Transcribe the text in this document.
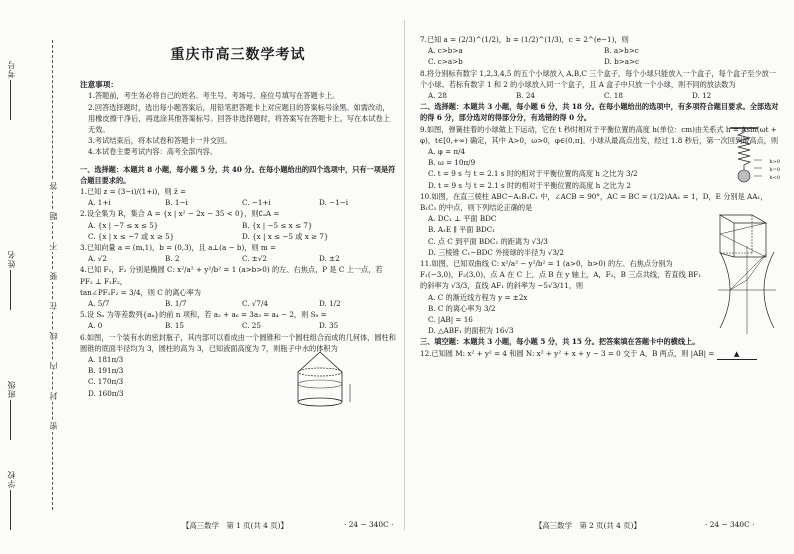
考号
姓名
班级
学校
答
题
不
要
在
线
内
封
密
重庆市高三数学考试

注意事项：

1.答题前，考生务必将自己的姓名、考生号、考场号、座位号填写在答题卡上。

2.回答选择题时，选出每小题答案后，用铅笔把答题卡上对应题目的答案标号涂黑。如需改动，用橡皮擦干净后，再选涂其他答案标号。回答非选择题时，将答案写在答题卡上。写在本试卷上无效。

3.考试结束后，将本试卷和答题卡一并交回。

4.本试卷主要考试内容：高考全部内容。

一、选择题：本题共 8 小题，每小题 5 分，共 40 分。在每小题给出的四个选项中，只有一项是符合题目要求的。

1.已知 z = (3−i)/(1+i)，则 z̄ =

A. 1+i	B. 1−i	C. −1+i	D. −1−i

2.设全集为 R，集合 A = {x | x² − 2x − 35 < 0}，则∁ₐA =

A. {x | −7 ≤ x ≤ 5}	B. {x | −5 ≤ x ≤ 7}
C. {x | x ≤ −7 或 x ≥ 5}	D. {x | x ≤ −5 或 x ≥ 7}

3.已知向量 a = (m,1)，b = (0,3)，且 a⊥(a − b)，则 m =

A. √2	B. 2	C. ±√2	D. ±2

4.已知 F₁，F₂ 分别是椭圆 C: x²/a² + y²/b² = 1 (a>b>0) 的左、右焦点，P 是 C 上一点，若 PF₂ ⊥ F₁F₂，

tan∠PF₁F₂ = 3/4，则 C 的离心率为

A. 5/7	B. 1/7	C. √7/4	D. 1/2

5.设 Sₙ 为等差数列{aₙ}的前 n 项和，若 a₂ + a₆ = 3a₃ = a₄ − 2，则 S₈ =

A. 0	B. 15	C. 25	D. 35

6.如图，一个装有水的密封瓶子，其内部可以看成由一个圆锥和一个圆柱组合而成的几何体，圆柱和圆锥的底面半径均为 3，圆柱的高为 3，已知液面高度为 7，则瓶子中水的体积为

A. 181π/3

B. 191π/3

C. 170π/3

D. 160π/3

【高三数学　第 1 页(共 4 页)】	· 24 − 340C ·

7.已知 a = (2/3)^(1/2)，b = (1/2)^(1/3)，c = 2^(e−1)，则

A. c>b>a	B. a>b>c
C. c>a>b	D. b>a>c

8.将分别标有数字 1,2,3,4,5 的五个小球放入 A,B,C 三个盒子，每个小球只能放入一个盒子，每个盒子至少放一个小球。若标有数字 1 和 2 的小球放入同一个盒子，且 A 盒子中只放一个小球，则不同的放法数为

A. 28	B. 24	C. 18	D. 12

二、选择题：本题共 3 小题，每小题 6 分，共 18 分。在每小题给出的选项中，有多项符合题目要求。全部选对的得 6 分，部分选对的得部分分，有选错的得 0 分。

9.如图，弹簧挂着的小球做上下运动，它在 t 秒时相对于平衡位置的高度 h(单位：cm)由关系式 h = Asin(ωt + φ)，t∈[0,+∞) 确定，其中 A>0，ω>0，φ∈(0,π]。小球从最高点出发，经过 1.8 秒后，第一次回到最高点，则

A. φ = π/4

B. ω = 10π/9

C. t = 9 s 与 t = 2.1 s 时的相对于平衡位置的高度 h 之比为 3/2

D. t = 9 s 与 t = 2.1 s 时的相对于平衡位置的高度 h 之比为 2

h>0
h=0
h<0

10.如图，在直三棱柱 ABC−A₁B₁C₁ 中，∠ACB = 90°，AC = BC = (1/2)AA₁ = 1，D，E 分别是 AA₁，B₁C₁ 的中点，则下列结论正确的是

A. DC₁ ⊥ 平面 BDC

B. A₁E ∥ 平面 BDC₁

C. 点 C 到平面 BDC₁ 的距离为 √3/3

D. 三棱锥 C₁−BDC 外接球的半径为 √3/2

11.如图，已知双曲线 C: x²/a² − y²/b² = 1 (a>0，b>0) 的左、右焦点分别为 F₁(−3,0)，F₂(3,0)，点 A 在 C 上，点 B 在 y 轴上，A，F₂，B 三点共线，若直线 BF₁ 的斜率为 √3/3，直线 AF₁ 的斜率为 −5√3/11，则

A. C 的渐近线方程为 y = ±2x

B. C 的离心率为 3/2

C. |AB| = 16

D. △ABF₁ 的面积为 16√3

三、填空题：本题共 3 小题，每小题 5 分，共 15 分。把答案填在答题卡中的横线上。

12.已知圆 M: x² + y² = 4 和圆 N: x² + y² + x + y − 3 = 0 交于 A，B 两点，则 |AB| =	▲

【高三数学　第 2 页(共 4 页)】	· 24 − 340C ·
